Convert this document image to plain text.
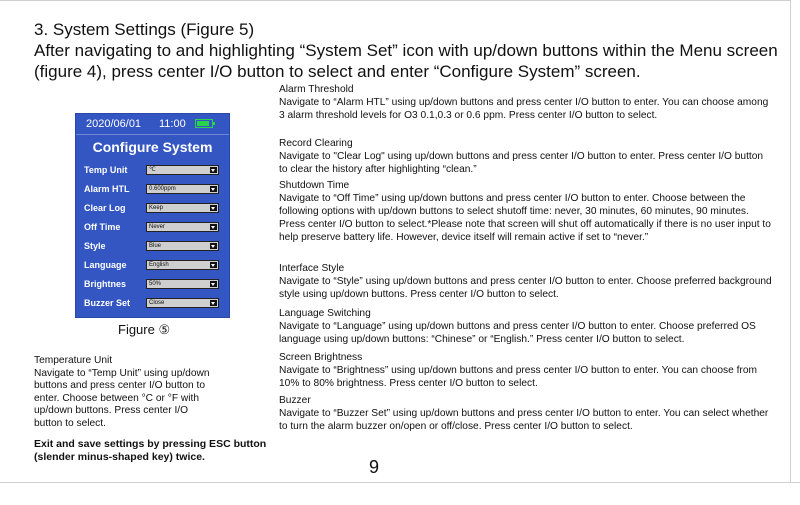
3. System Settings (Figure 5)
After navigating to and highlighting “System Set” icon with up/down buttons within the Menu screen (figure 4), press center I/O button to select and enter “Configure System” screen.
Alarm Threshold
Navigate to “Alarm HTL” using up/down buttons and press center I/O button to enter. You can choose among 3 alarm threshold levels for O3 0.1,0.3 or 0.6 ppm. Press center I/O button to select.
Record Clearing
Navigate to "Clear Log" using up/down buttons and press center I/O button to enter. Press center I/O button to clear the history after highlighting “clean.”
Shutdown Time
Navigate to “Off Time” using up/down buttons and press center I/O button to enter. Choose between the following options with up/down buttons to select shutoff time: never, 30 minutes, 60 minutes, 90 minutes. Press center I/O button to select.*Please note that screen will shut off automatically if there is no user input to help preserve battery life. However, device itself will remain active if set to “never.”
Interface Style
Navigate to “Style” using up/down buttons and press center I/O button to enter. Choose preferred background style using up/down buttons. Press center I/O button to select.
Language Switching
Navigate to “Language” using up/down buttons and press center I/O button to enter. Choose preferred OS language using up/down buttons: “Chinese” or “English.” Press center I/O button to select.
Screen Brightness
Navigate to “Brightness” using up/down buttons and press center I/O button to enter. You can choose from 10% to 80% brightness. Press center I/O button to select.
Buzzer
Navigate to “Buzzer Set” using up/down buttons and press center I/O button to enter. You can select whether to turn the alarm buzzer on/open or off/close. Press center I/O button to select.
2020/06/01 11:00
Configure System
Temp Unit	℃
Alarm HTL	0.600ppm
Clear Log	Keep
Off Time	Never
Style	Blue
Language	English
Brightnes	50%
Buzzer Set	Close
Figure ⑤
Temperature Unit
Navigate to “Temp Unit” using up/down
buttons and press center I/O button to
enter. Choose between °C or °F with
up/down buttons. Press center I/O
button to select.
Exit and save settings by pressing ESC button (slender minus-shaped key) twice.	9
